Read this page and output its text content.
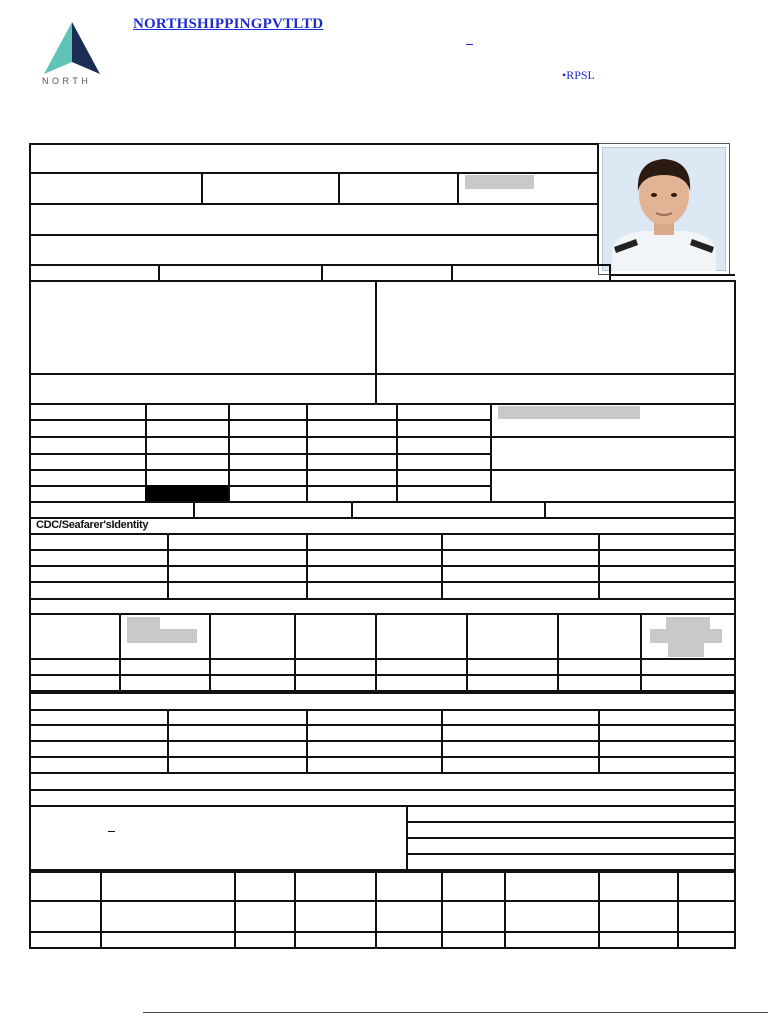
NORTH
NORTHSHIPPINGPVTLTD
•RPSL
CDC/Seafarer'sIdentity
